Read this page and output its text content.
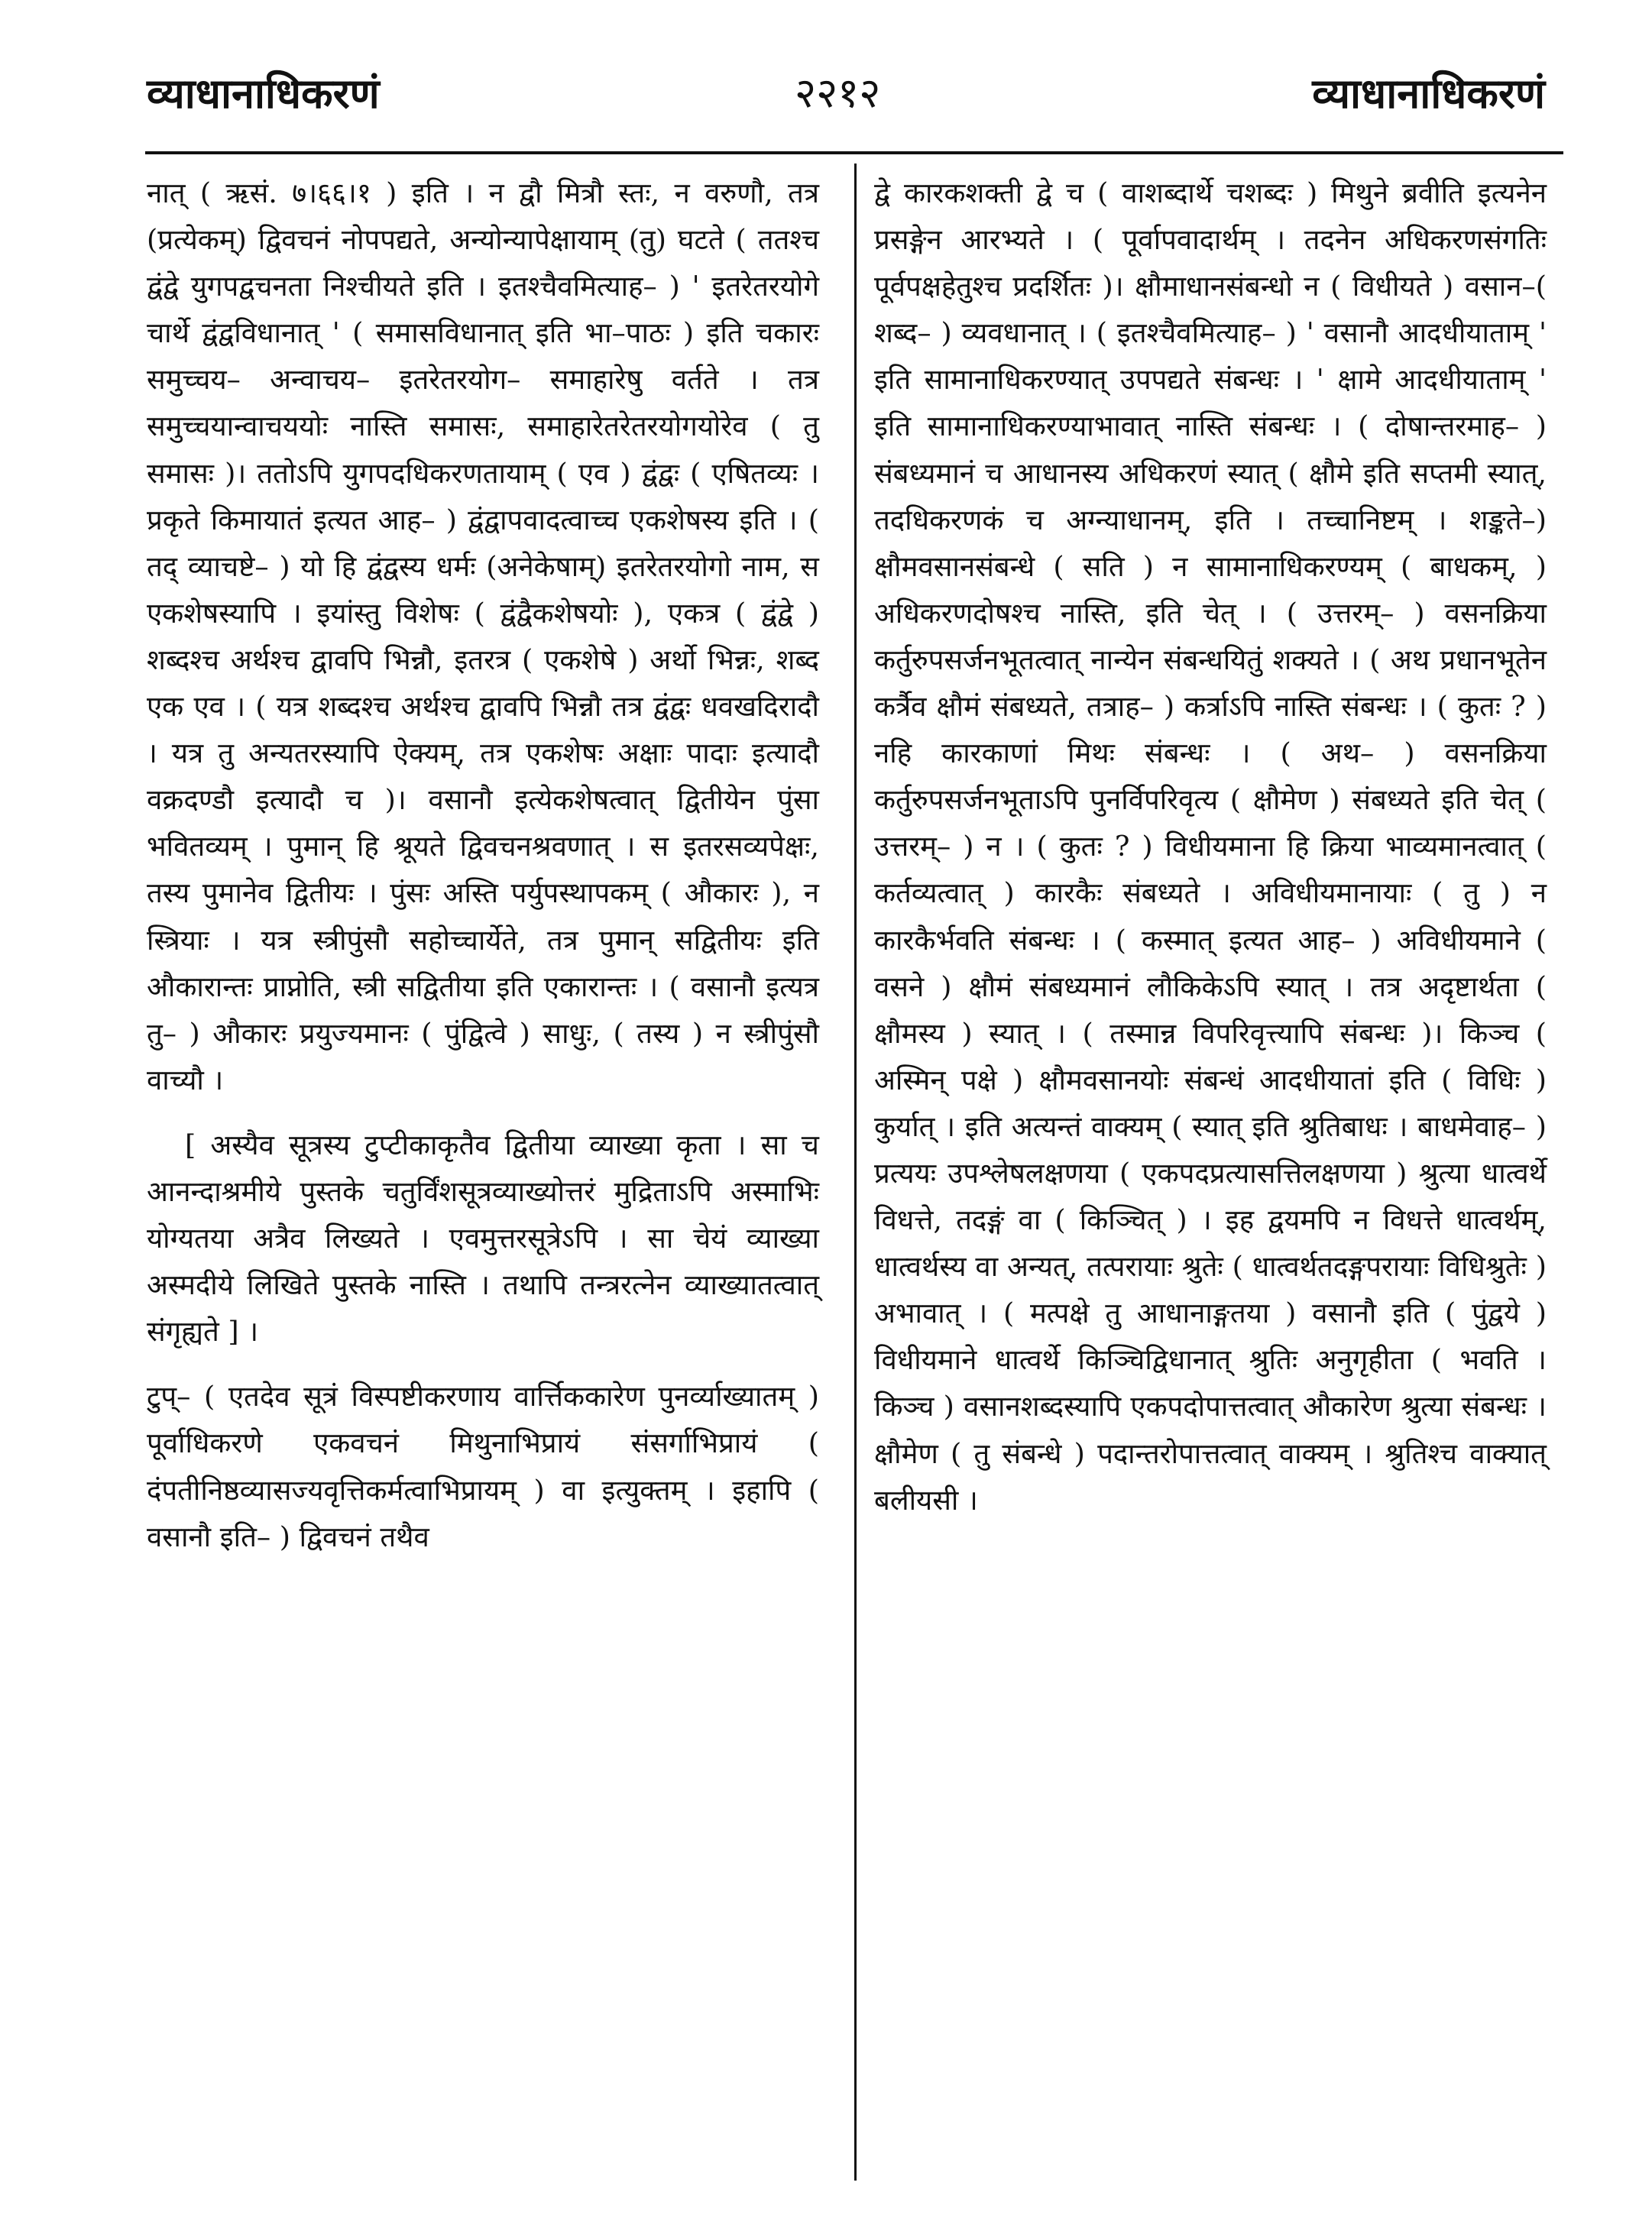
व्याधानाधिकरणं	२२१२	व्याधानाधिकरणं

नात् ( ऋसं. ७।६६।१ ) इति । न द्वौ मित्रौ स्तः, न वरुणौ, तत्र (प्रत्येकम्) द्विवचनं नोपपद्यते, अन्योन्यापेक्षायाम् (तु) घटते ( ततश्च द्वंद्वे युगपद्वचनता निश्चीयते इति । इतश्चैवमित्याह– ) ' इतरेतरयोगे चार्थे द्वंद्वविधानात् ' ( समासविधानात् इति भा–पाठः ) इति चकारः समुच्चय– अन्वाचय– इतरेतरयोग– समाहारेषु वर्तते । तत्र समुच्चयान्वाचययोः नास्ति समासः, समाहारेतरेतरयोगयोरेव ( तु समासः )। ततोऽपि युगपदधिकरणतायाम् ( एव ) द्वंद्वः ( एषितव्यः । प्रकृते किमायातं इत्यत आह– ) द्वंद्वापवादत्वाच्च एकशेषस्य इति । ( तद् व्याचष्टे– ) यो हि द्वंद्वस्य धर्मः (अनेकेषाम्) इतरेतरयोगो नाम, स एकशेषस्यापि । इयांस्तु विशेषः ( द्वंद्वैकशेषयोः ), एकत्र ( द्वंद्वे ) शब्दश्च अर्थश्च द्वावपि भिन्नौ, इतरत्र ( एकशेषे ) अर्थो भिन्नः, शब्द एक एव । ( यत्र शब्दश्च अर्थश्च द्वावपि भिन्नौ तत्र द्वंद्वः धवखदिरादौ । यत्र तु अन्यतरस्यापि ऐक्यम्, तत्र एकशेषः अक्षाः पादाः इत्यादौ वक्रदण्डौ इत्यादौ च )। वसानौ इत्येकशेषत्वात् द्वितीयेन पुंसा भवितव्यम् । पुमान् हि श्रूयते द्विवचनश्रवणात् । स इतरसव्यपेक्षः, तस्य पुमानेव द्वितीयः । पुंसः अस्ति पर्युपस्थापकम् ( औकारः ), न स्त्रियाः । यत्र स्त्रीपुंसौ सहोच्चार्येते, तत्र पुमान् सद्वितीयः इति औकारान्तः प्राप्नोति, स्त्री सद्वितीया इति एकारान्तः । ( वसानौ इत्यत्र तु– ) औकारः प्रयुज्यमानः ( पुंद्वित्वे ) साधुः, ( तस्य ) न स्त्रीपुंसौ वाच्यौ ।

[ अस्यैव सूत्रस्य टुप्टीकाकृतैव द्वितीया व्याख्या कृता । सा च आनन्दाश्रमीये पुस्तके चतुर्विंशसूत्रव्याख्योत्तरं मुद्रिताऽपि अस्माभिः योग्यतया अत्रैव लिख्यते । एवमुत्तरसूत्रेऽपि । सा चेयं व्याख्या अस्मदीये लिखिते पुस्तके नास्ति । तथापि तन्त्ररत्नेन व्याख्यातत्वात् संगृह्यते ] ।

टुप्– ( एतदेव सूत्रं विस्पष्टीकरणाय वार्त्तिककारेण पुनर्व्याख्यातम् ) पूर्वाधिकरणे एकवचनं मिथुनाभिप्रायं संसर्गाभिप्रायं ( दंपतीनिष्ठव्यासज्यवृत्तिकर्मत्वाभिप्रायम् ) वा इत्युक्तम् । इहापि ( वसानौ इति– ) द्विवचनं तथैव

द्वे कारकशक्ती द्वे च ( वाशब्दार्थे चशब्दः ) मिथुने ब्रवीति इत्यनेन प्रसङ्गेन आरभ्यते । ( पूर्वापवादार्थम् । तदनेन अधिकरणसंगतिः पूर्वपक्षहेतुश्च प्रदर्शितः )। क्षौमाधानसंबन्धो न ( विधीयते ) वसान–( शब्द– ) व्यवधानात् । ( इतश्चैवमित्याह– ) ' वसानौ आदधीयाताम् ' इति सामानाधिकरण्यात् उपपद्यते संबन्धः । ' क्षामे आदधीयाताम् ' इति सामानाधिकरण्याभावात् नास्ति संबन्धः । ( दोषान्तरमाह– ) संबध्यमानं च आधानस्य अधिकरणं स्यात् ( क्षौमे इति सप्तमी स्यात्, तदधिकरणकं च अग्न्याधानम्, इति । तच्चानिष्टम् । शङ्कते–) क्षौमवसानसंबन्धे ( सति ) न सामानाधिकरण्यम् ( बाधकम्, ) अधिकरणदोषश्च नास्ति, इति चेत् । ( उत्तरम्– ) वसनक्रिया कर्तुरुपसर्जनभूतत्वात् नान्येन संबन्धयितुं शक्यते । ( अथ प्रधानभूतेन कर्त्रैव क्षौमं संबध्यते, तत्राह– ) कर्त्राऽपि नास्ति संबन्धः । ( कुतः ? ) नहि कारकाणां मिथः संबन्धः । ( अथ– ) वसनक्रिया कर्तुरुपसर्जनभूताऽपि पुनर्विपरिवृत्य ( क्षौमेण ) संबध्यते इति चेत् ( उत्तरम्– ) न । ( कुतः ? ) विधीयमाना हि क्रिया भाव्यमानत्वात् ( कर्तव्यत्वात् ) कारकैः संबध्यते । अविधीयमानायाः ( तु ) न कारकैर्भवति संबन्धः । ( कस्मात् इत्यत आह– ) अविधीयमाने ( वसने ) क्षौमं संबध्यमानं लौकिकेऽपि स्यात् । तत्र अदृष्टार्थता ( क्षौमस्य ) स्यात् । ( तस्मान्न विपरिवृत्त्यापि संबन्धः )। किञ्च ( अस्मिन् पक्षे ) क्षौमवसानयोः संबन्धं आदधीयातां इति ( विधिः ) कुर्यात् । इति अत्यन्तं वाक्यम् ( स्यात् इति श्रुतिबाधः । बाधमेवाह– ) प्रत्ययः उपश्लेषलक्षणया ( एकपदप्रत्यासत्तिलक्षणया ) श्रुत्या धात्वर्थे विधत्ते, तदङ्गं वा ( किञ्चित् ) । इह द्वयमपि न विधत्ते धात्वर्थम्, धात्वर्थस्य वा अन्यत्, तत्परायाः श्रुतेः ( धात्वर्थतदङ्गपरायाः विधिश्रुतेः ) अभावात् । ( मत्पक्षे तु आधानाङ्गतया ) वसानौ इति ( पुंद्वये ) विधीयमाने धात्वर्थे किञ्चिद्विधानात् श्रुतिः अनुगृहीता ( भवति । किञ्च ) वसानशब्दस्यापि एकपदोपात्तत्वात् औकारेण श्रुत्या संबन्धः । क्षौमेण ( तु संबन्धे ) पदान्तरोपात्तत्वात् वाक्यम् । श्रुतिश्च वाक्यात् बलीयसी ।
